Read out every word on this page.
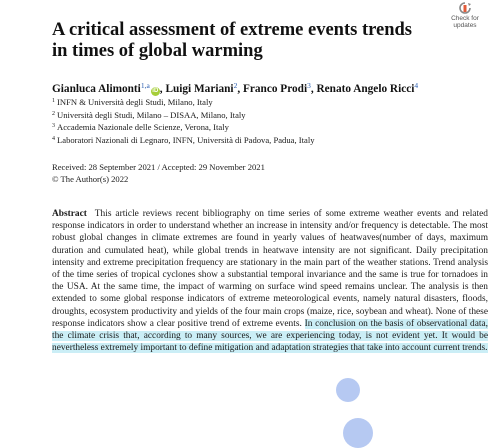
A critical assessment of extreme events trends in times of global warming
Check for
updates
Gianluca Alimonti$^{1,a}$iD , Luigi Mariani$^2$, Franco Prodi$^3$, Renato Angelo Ricci$^4$
$^1$ INFN & Università degli Studi, Milano, Italy
$^2$ Università degli Studi, Milano – DISAA, Milano, Italy
$^3$ Accademia Nazionale delle Scienze, Verona, Italy
$^4$ Laboratori Nazionali di Legnaro, INFN, Università di Padova, Padua, Italy
Received: 28 September 2021 / Accepted: 29 November 2021
© The Author(s) 2022
Abstract This article reviews recent bibliography on time series of some extreme weather events and related response indicators in order to understand whether an increase in intensity and/or frequency is detectable. The most robust global changes in climate extremes are found in yearly values of heatwaves(number of days, maximum duration and cumulated heat), while global trends in heatwave intensity are not significant. Daily precipitation intensity and extreme precipitation frequency are stationary in the main part of the weather stations. Trend analysis of the time series of tropical cyclones show a substantial temporal invariance and the same is true for tornadoes in the USA. At the same time, the impact of warming on surface wind speed remains unclear. The analysis is then extended to some global response indicators of extreme meteorological events, namely natural disasters, floods, droughts, ecosystem productivity and yields of the four main crops (maize, rice, soybean and wheat). None of these response indicators show a clear positive trend of extreme events. In conclusion on the basis of observational data, the climate crisis that, according to many sources, we are experiencing today, is not evident yet. It would be nevertheless extremely important to define mitigation and adaptation strategies that take into account current trends.
